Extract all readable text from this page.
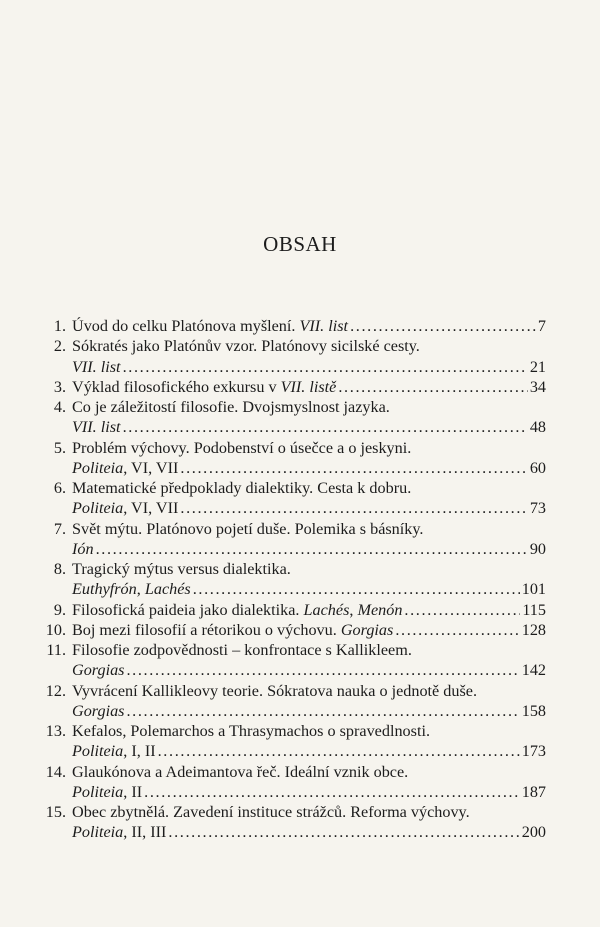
OBSAH
1. Úvod do celku Platónova myšlení. VII. list . . .	7
2. Sókratés jako Platónův vzor. Platónovy sicilské cesty.
VII. list . . .	21
3. Výklad filosofického exkursu v VII. listě . . .	34
4. Co je záležitostí filosofie. Dvojsmyslnost jazyka.
VII. list . . .	48
5. Problém výchovy. Podobenství o úsečce a o jeskyni.
Politeia, VI, VII . . .	60
6. Matematické předpoklady dialektiky. Cesta k dobru.
Politeia, VI, VII . . .	73
7. Svět mýtu. Platónovo pojetí duše. Polemika s básníky.
Ión . . .	90
8. Tragický mýtus versus dialektika.
Euthyfrón, Lachés . . .	101
9. Filosofická paideia jako dialektika. Lachés, Menón . . .	115
10. Boj mezi filosofií a rétorikou o výchovu. Gorgias . . .	128
11. Filosofie zodpovědnosti – konfrontace s Kallikleem.
Gorgias . . .	142
12. Vyvrácení Kallikleovy teorie. Sókratova nauka o jednotě duše.
Gorgias . . .	158
13. Kefalos, Polemarchos a Thrasymachos o spravedlnosti.
Politeia, I, II . . .	173
14. Glaukónova a Adeimantova řeč. Ideální vznik obce.
Politeia, II . . .	187
15. Obec zbytnělá. Zavedení instituce strážců. Reforma výchovy.
Politeia, II, III . . .	200
